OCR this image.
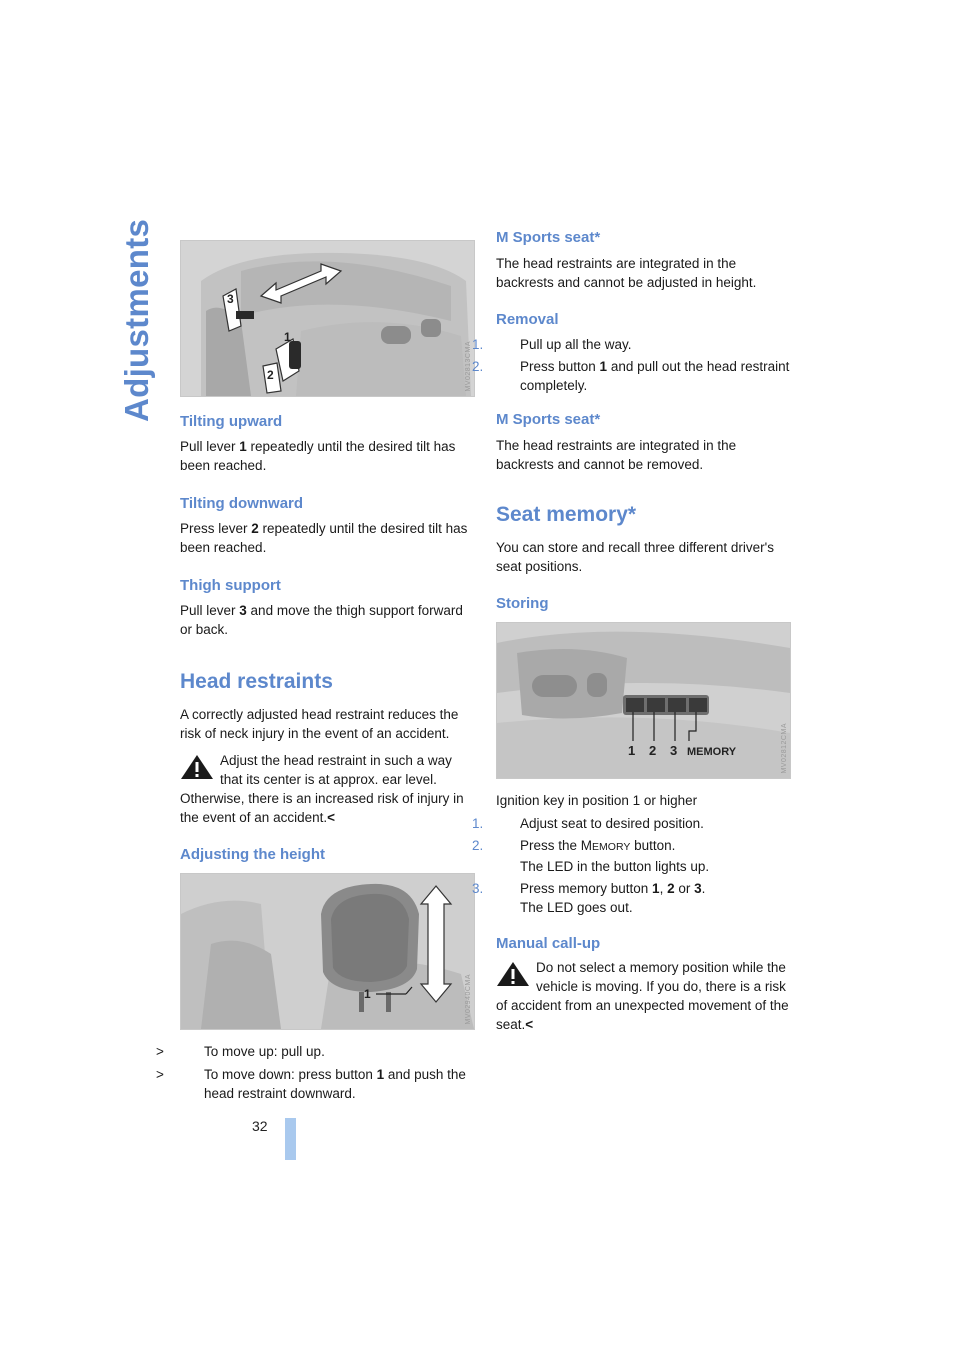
Adjustments	3
1
2	MV02813CMA
Tilting upward

Pull lever 1 repeatedly until the desired tilt has been reached.

Tilting downward

Press lever 2 repeatedly until the desired tilt has been reached.

Thigh support

Pull lever 3 and move the thigh support forward or back.

Head restraints

A correctly adjusted head restraint reduces the risk of neck injury in the event of an accident.

Adjust the head restraint in such a way that its center is at approx. ear level. Otherwise, there is an increased risk of injury in the event of an accident.<
Adjusting the height
1	MV02940CMA
>	To move up: pull up.
>	To move down: press button 1 and push the head restraint downward.
M Sports seat*

The head restraints are integrated in the backrests and cannot be adjusted in height.

Removal
1.	Pull up all the way.
2.	Press button 1 and pull out the head restraint completely.
M Sports seat*

The head restraints are integrated in the backrests and cannot be removed.

Seat memory*

You can store and recall three different driver's seat positions.

Storing
1 2 3 MEMORY	MV02812CMA

Ignition key in position 1 or higher

1.	Adjust seat to desired position.
2.	Press the MEMORY button.
The LED in the button lights up.
3.	Press memory button 1, 2 or 3.
The LED goes out.
Manual call-up
Do not select a memory position while the vehicle is moving. If you do, there is a risk of accident from an unexpected movement of the seat.<
32
